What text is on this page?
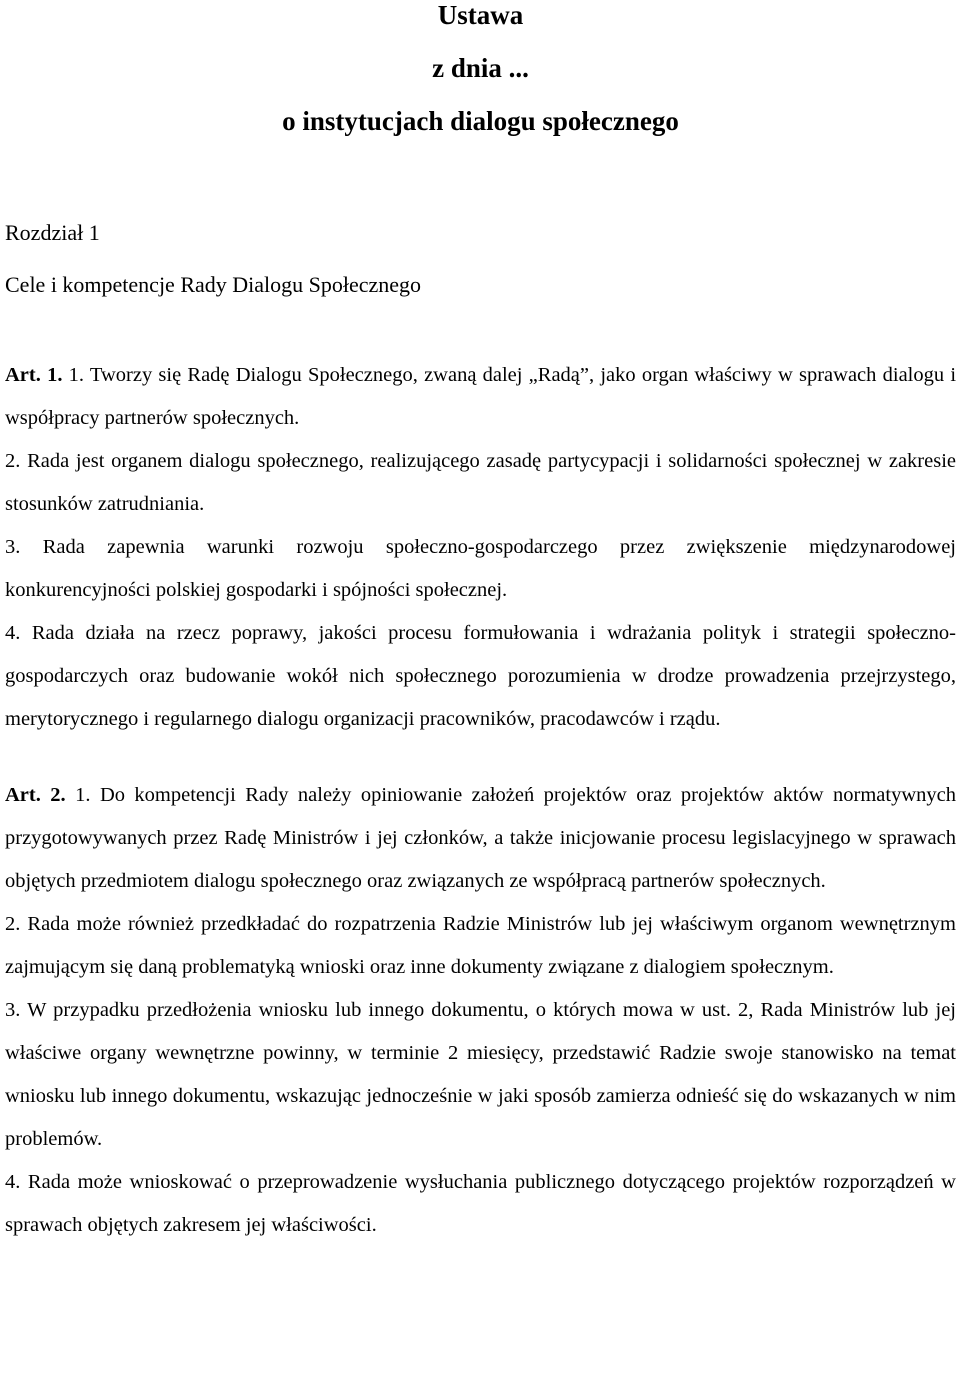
Ustawa
z dnia ...
o instytucjach dialogu społecznego
Rozdział 1
Cele i kompetencje Rady Dialogu Społecznego

Art. 1. 1. Tworzy się Radę Dialogu Społecznego, zwaną dalej „Radą”, jako organ właściwy w sprawach dialogu i współpracy partnerów społecznych.

2. Rada jest organem dialogu społecznego, realizującego zasadę partycypacji i solidarności społecznej w zakresie stosunków zatrudniania.

3. Rada zapewnia warunki rozwoju społeczno-gospodarczego przez zwiększenie międzynarodowej konkurencyjności polskiej gospodarki i spójności społecznej.

4. Rada działa na rzecz poprawy, jakości procesu formułowania i wdrażania polityk i strategii społeczno-gospodarczych oraz budowanie wokół nich społecznego porozumienia w drodze prowadzenia przejrzystego, merytorycznego i regularnego dialogu organizacji pracowników, pracodawców i rządu.

Art. 2. 1. Do kompetencji Rady należy opiniowanie założeń projektów oraz projektów aktów normatywnych przygotowywanych przez Radę Ministrów i jej członków, a także inicjowanie procesu legislacyjnego w sprawach objętych przedmiotem dialogu społecznego oraz związanych ze współpracą partnerów społecznych.

2. Rada może również przedkładać do rozpatrzenia Radzie Ministrów lub jej właściwym organom wewnętrznym zajmującym się daną problematyką wnioski oraz inne dokumenty związane z dialogiem społecznym.

3. W przypadku przedłożenia wniosku lub innego dokumentu, o których mowa w ust. 2, Rada Ministrów lub jej właściwe organy wewnętrzne powinny, w terminie 2 miesięcy, przedstawić Radzie swoje stanowisko na temat wniosku lub innego dokumentu, wskazując jednocześnie w jaki sposób zamierza odnieść się do wskazanych w nim problemów.

4. Rada może wnioskować o przeprowadzenie wysłuchania publicznego dotyczącego projektów rozporządzeń w sprawach objętych zakresem jej właściwości.
